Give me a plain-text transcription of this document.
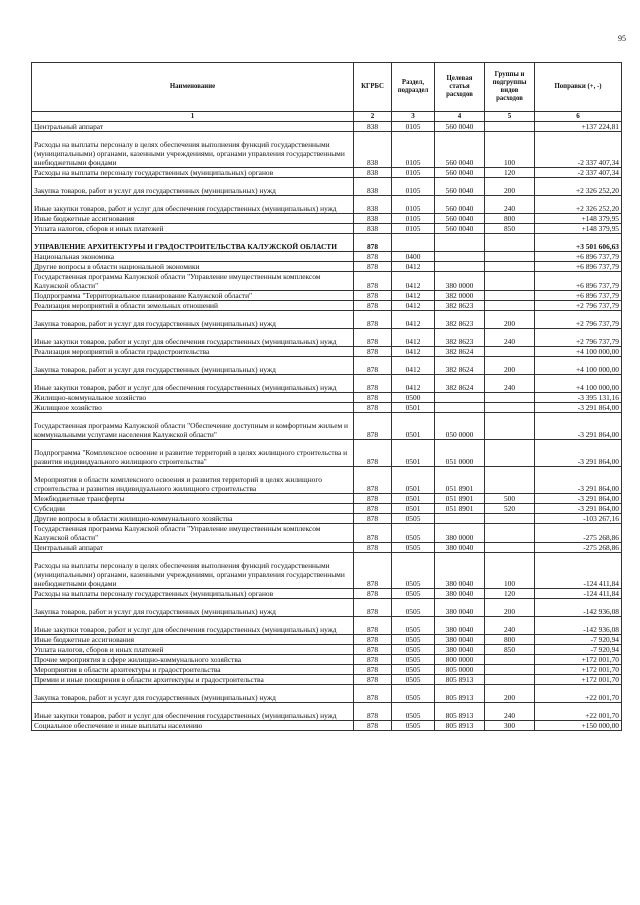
95
Наименование	КГРБС	Раздел, подраздел	Целевая статья расходов	Группы и подгруппы видов расходов	Поправки (+, -)
1	2	3	4	5	6
Центральный аппарат	838	0105	560 0040		+137 224,81
Расходы на выплаты персоналу в целях обеспечения выполнения функций государственными (муниципальными) органами, казенными учреждениями, органами управления государственными внебюджетными фондами	838	0105	560 0040	100	-2 337 407,34
Расходы на выплаты персоналу государственных (муниципальных) органов	838	0105	560 0040	120	-2 337 407,34
Закупка товаров, работ и услуг для государственных (муниципальных) нужд	838	0105	560 0040	200	+2 326 252,20
Иные закупки товаров, работ и услуг для обеспечения государственных (муниципальных) нужд	838	0105	560 0040	240	+2 326 252,20
Иные бюджетные ассигнования	838	0105	560 0040	800	+148 379,95
Уплата налогов, сборов и иных платежей	838	0105	560 0040	850	+148 379,95
УПРАВЛЕНИЕ АРХИТЕКТУРЫ И ГРАДОСТРОИТЕЛЬСТВА КАЛУЖСКОЙ ОБЛАСТИ	878				+3 501 606,63
Национальная экономика	878	0400			+6 896 737,79
Другие вопросы в области национальной экономики	878	0412			+6 896 737,79
Государственная программа Калужской области "Управление имущественным комплексом Калужской области"	878	0412	380 0000		+6 896 737,79
Подпрограмма "Территориальное планирование Калужской области"	878	0412	382 0000		+6 896 737,79
Реализация мероприятий в области земельных отношений	878	0412	382 8623		+2 796 737,79
Закупка товаров, работ и услуг для государственных (муниципальных) нужд	878	0412	382 8623	200	+2 796 737,79
Иные закупки товаров, работ и услуг для обеспечения государственных (муниципальных) нужд	878	0412	382 8623	240	+2 796 737,79
Реализация мероприятий в области градостроительства	878	0412	382 8624		+4 100 000,00
Закупка товаров, работ и услуг для государственных (муниципальных) нужд	878	0412	382 8624	200	+4 100 000,00
Иные закупки товаров, работ и услуг для обеспечения государственных (муниципальных) нужд	878	0412	382 8624	240	+4 100 000,00
Жилищно-коммунальное хозяйство	878	0500			-3 395 131,16
Жилищное хозяйство	878	0501			-3 291 864,00
Государственная программа Калужской области "Обеспечение доступным и комфортным жильем и коммунальными услугами населения Калужской области"	878	0501	050 0000		-3 291 864,00
Подпрограмма "Комплексное освоение и развитие территорий в целях жилищного строительства и развития индивидуального жилищного строительства"	878	0501	051 0000		-3 291 864,00
Мероприятия в области комплексного освоения и развития территорий в целях жилищного строительства и развития индивидуального жилищного строительства	878	0501	051 8901		-3 291 864,00
Межбюджетные трансферты	878	0501	051 8901	500	-3 291 864,00
Субсидии	878	0501	051 8901	520	-3 291 864,00
Другие вопросы в области жилищно-коммунального хозяйства	878	0505			-103 267,16
Государственная программа Калужской области "Управление имущественным комплексом Калужской области"	878	0505	380 0000		-275 268,86
Центральный аппарат	878	0505	380 0040		-275 268,86
Расходы на выплаты персоналу в целях обеспечения выполнения функций государственными (муниципальными) органами, казенными учреждениями, органами управления государственными внебюджетными фондами	878	0505	380 0040	100	-124 411,84
Расходы на выплаты персоналу государственных (муниципальных) органов	878	0505	380 0040	120	-124 411,84
Закупка товаров, работ и услуг для государственных (муниципальных) нужд	878	0505	380 0040	200	-142 936,08
Иные закупки товаров, работ и услуг для обеспечения государственных (муниципальных) нужд	878	0505	380 0040	240	-142 936,08
Иные бюджетные ассигнования	878	0505	380 0040	800	-7 920,94
Уплата налогов, сборов и иных платежей	878	0505	380 0040	850	-7 920,94
Прочие мероприятия в сфере жилищно-коммунального хозяйства	878	0505	800 0000		+172 001,70
Мероприятия в области архитектуры и градостроительства	878	0505	805 0000		+172 001,70
Премии и иные поощрения в области архитектуры и градостроительства	878	0505	805 8913		+172 001,70
Закупка товаров, работ и услуг для государственных (муниципальных) нужд	878	0505	805 8913	200	+22 001,70
Иные закупки товаров, работ и услуг для обеспечения государственных (муниципальных) нужд	878	0505	805 8913	240	+22 001,70
Социальное обеспечение и иные выплаты населению	878	0505	805 8913	300	+150 000,00
